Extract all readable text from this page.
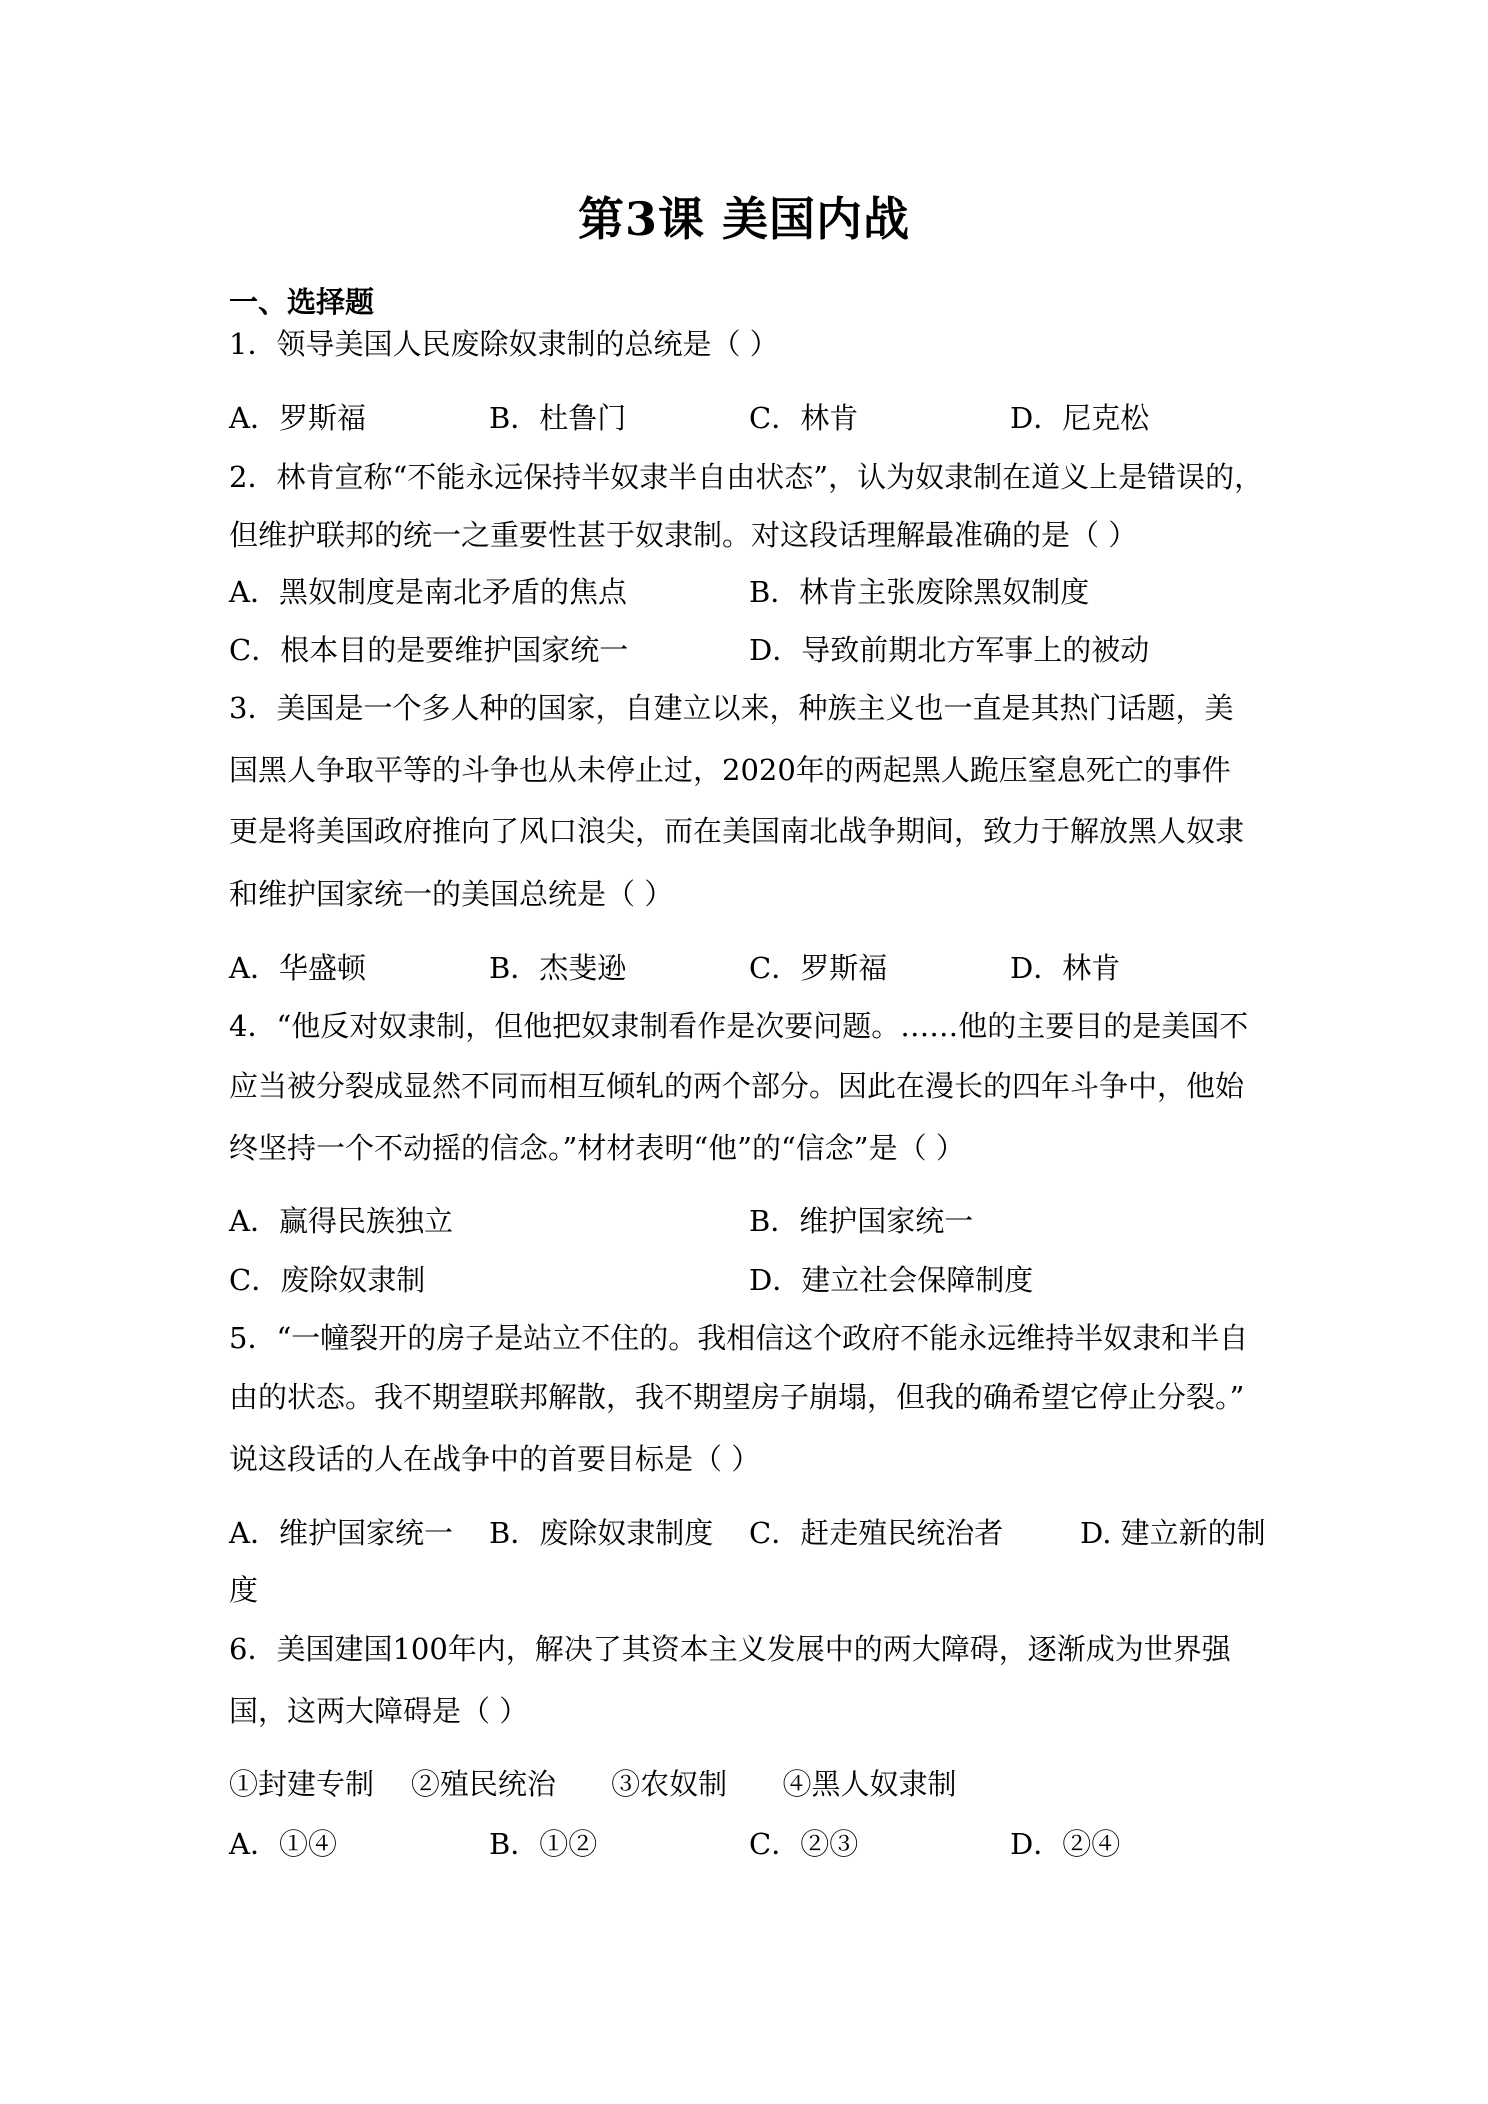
第3课 美国内战
一、选择题
1．领导美国人民废除奴隶制的总统是（ ）
A．罗斯福	B．杜鲁门	C．林肯	D．尼克松
2．林肯宣称“不能永远保持半奴隶半自由状态”，认为奴隶制在道义上是错误的，
但维护联邦的统一之重要性甚于奴隶制。对这段话理解最准确的是（ ）
A．黑奴制度是南北矛盾的焦点	B．林肯主张废除黑奴制度
C．根本目的是要维护国家统一	D．导致前期北方军事上的被动
3．美国是一个多人种的国家，自建立以来，种族主义也一直是其热门话题，美
国黑人争取平等的斗争也从未停止过，2020年的两起黑人跪压窒息死亡的事件
更是将美国政府推向了风口浪尖，而在美国南北战争期间，致力于解放黑人奴隶
和维护国家统一的美国总统是（ ）
A．华盛顿	B．杰斐逊	C．罗斯福	D．林肯
4．“他反对奴隶制，但他把奴隶制看作是次要问题。……他的主要目的是美国不
应当被分裂成显然不同而相互倾轧的两个部分。因此在漫长的四年斗争中，他始
终坚持一个不动摇的信念。”材材表明“他”的“信念”是（ ）
A．赢得民族独立	B．维护国家统一
C．废除奴隶制	D．建立社会保障制度
5．“一幢裂开的房子是站立不住的。我相信这个政府不能永远维持半奴隶和半自
由的状态。我不期望联邦解散，我不期望房子崩塌，但我的确希望它停止分裂。”
说这段话的人在战争中的首要目标是（ ）
A．维护国家统一 B．废除奴隶制度 C．赶走殖民统治者	D. 建立新的制
度
6．美国建国100年内，解决了其资本主义发展中的两大障碍，逐渐成为世界强
国，这两大障碍是（ ）
①封建专制    ②殖民统治      ③农奴制      ④黑人奴隶制
A．①④	B．①②	C．②③	D．②④
